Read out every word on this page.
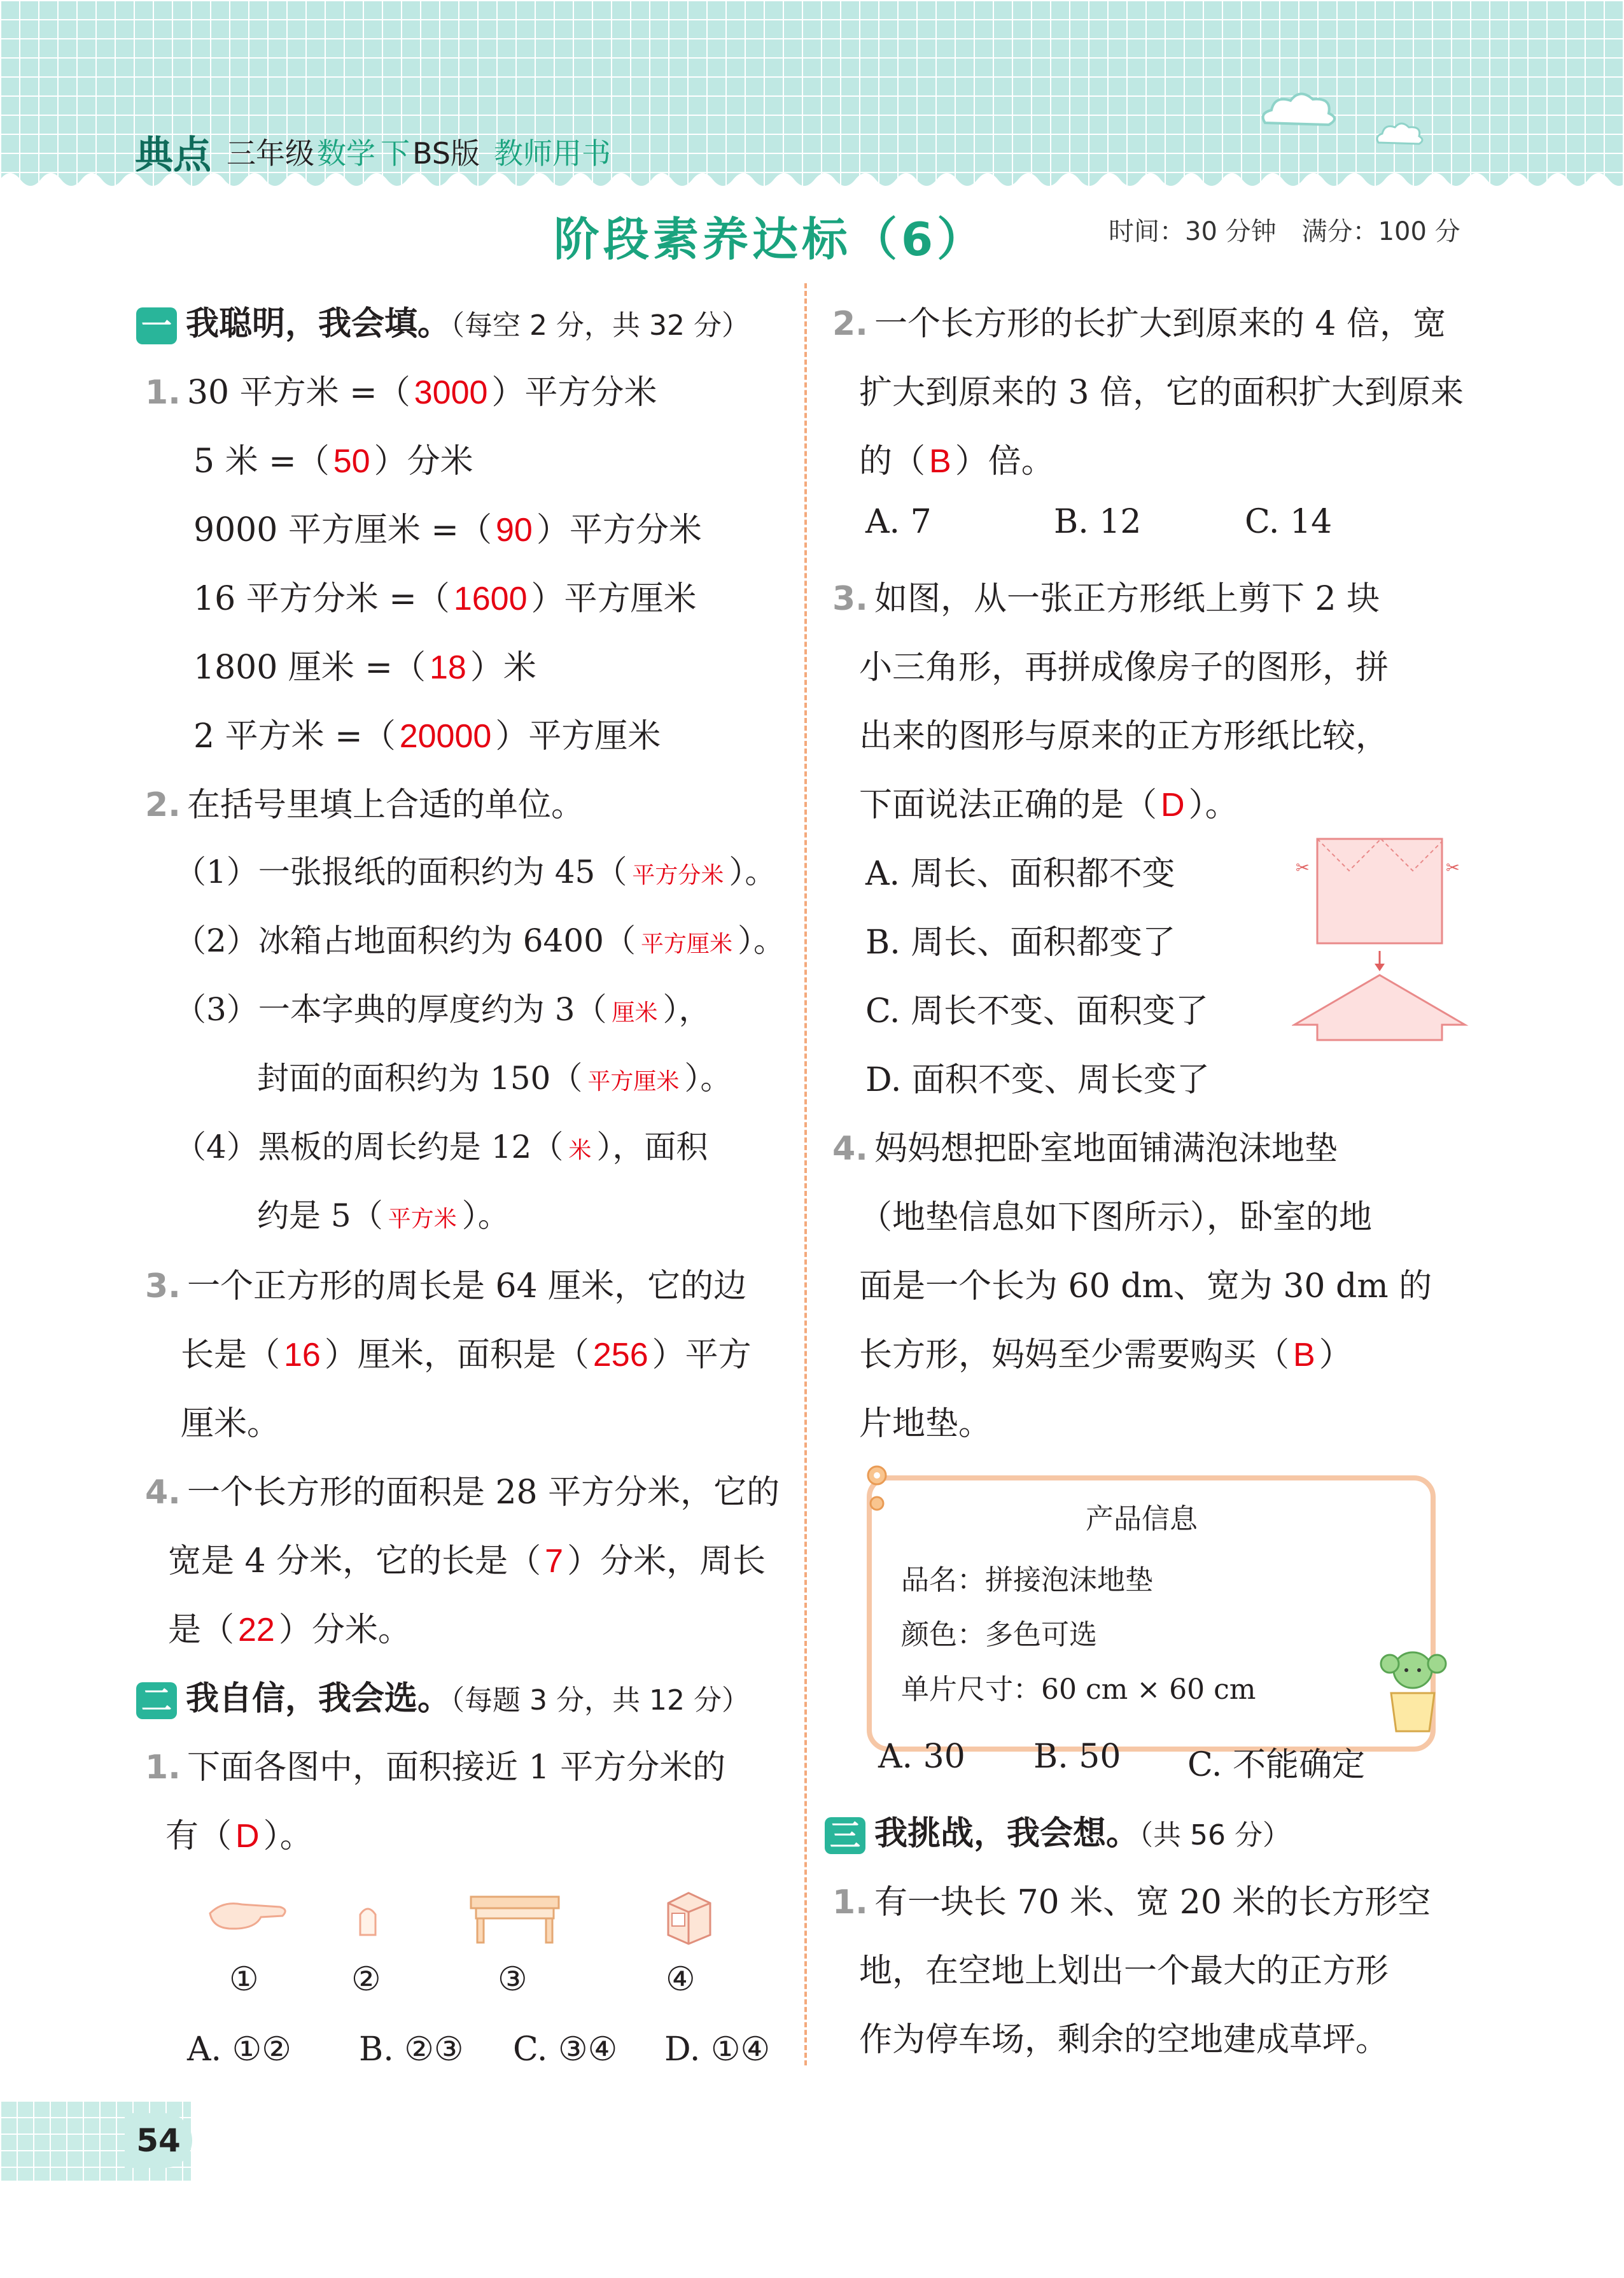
典点 三年级 数学 下 BS版 教师用书
阶段素养达标（6）	时间：30 分钟　满分：100 分
一 我聪明，我会填。（每空 2 分，共 32 分）
1. 30 平方米 =（ 3000 ）平方分米
5 米 =（ 50 ）分米
9000 平方厘米 =（ 90 ）平方分米
16 平方分米 =（ 1600 ）平方厘米
1800 厘米 =（ 18 ）米
2 平方米 =（ 20000 ）平方厘米
2. 在括号里填上合适的单位。
（1）一张报纸的面积约为 45（ 平方分米 ）。
（2）冰箱占地面积约为 6400（ 平方厘米 ）。
（3）一本字典的厚度约为 3（ 厘米 ），
封面的面积约为 150（ 平方厘米 ）。
（4）黑板的周长约是 12（ 米 ），面积
约是 5（ 平方米 ）。
3. 一个正方形的周长是 64 厘米，它的边
长是（ 16 ）厘米，面积是（ 256 ）平方
厘米。
4. 一个长方形的面积是 28 平方分米，它的
宽是 4 分米，它的长是（ 7 ）分米，周长
是（ 22 ）分米。
二 我自信，我会选。（每题 3 分，共 12 分）
1. 下面各图中，面积接近 1 平方分米的
有（ D ）。
①	②	③	④
A. ①② B. ②③ C. ③④ D. ①④
2. 一个长方形的长扩大到原来的 4 倍，宽
扩大到原来的 3 倍，它的面积扩大到原来
的（ B ）倍。
A. 7	B. 12	C. 14
3. 如图，从一张正方形纸上剪下 2 块
小三角形，再拼成像房子的图形，拼
出来的图形与原来的正方形纸比较，
下面说法正确的是（ D ）。
A. 周长、面积都不变
B. 周长、面积都变了
C. 周长不变、面积变了
D. 面积不变、周长变了
✂	✂
4. 妈妈想把卧室地面铺满泡沫地垫
（地垫信息如下图所示），卧室的地
面是一个长为 60 dm、宽为 30 dm 的
长方形，妈妈至少需要购买（ B ）
片地垫。
产品信息
品名：拼接泡沫地垫
颜色：多色可选
单片尺寸：60 cm × 60 cm
A. 30 B. 50 C. 不能确定
三 我挑战，我会想。（共 56 分）
1. 有一块长 70 米、宽 20 米的长方形空
地，在空地上划出一个最大的正方形
作为停车场，剩余的空地建成草坪。
54
